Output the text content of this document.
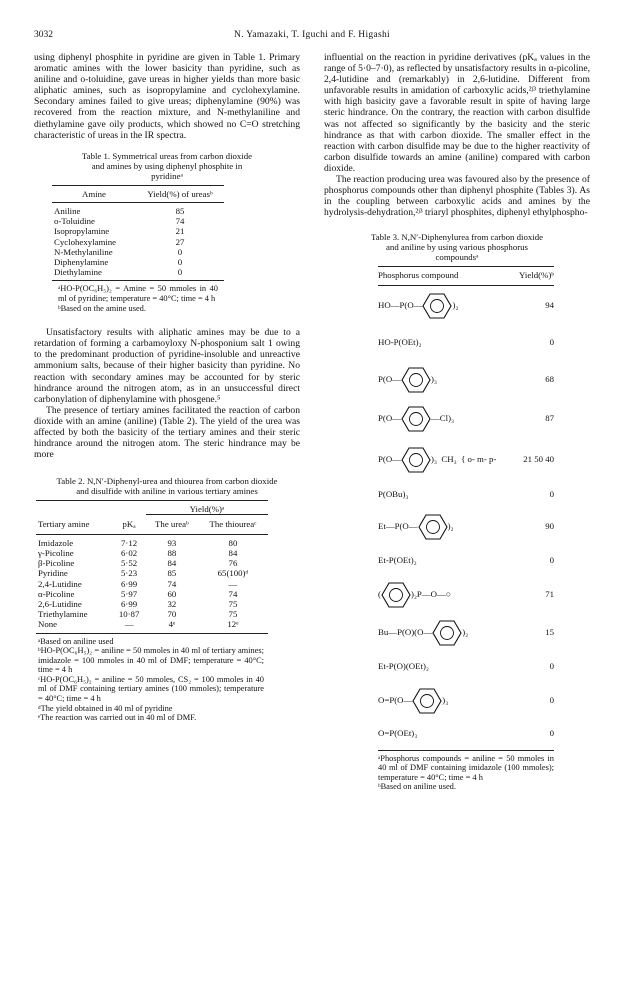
3032	N. Yamazaki, T. Iguchi and F. Higashi

using diphenyl phosphite in pyridine are given in Table 1. Primary aromatic amines with the lower basicity than pyridine, such as aniline and o-toluidine, gave ureas in higher yields than more basic aliphatic amines, such as isopropylamine and cyclohexylamine. Secondary amines failed to give ureas; diphenylamine (90%) was recovered from the reaction mixture, and N-methylaniline and diethylamine gave oily products, which showed no C=O stretching characteristic of ureas in the IR spectra.

Table 1. Symmetrical ureas from carbon dioxide and amines by using diphenyl phosphite in pyridineᵃ
Amine	Yield(%) of ureasᵇ
Aniline	85
o-Toluidine	74
Isopropylamine	21
Cyclohexylamine	27
N-Methylaniline	0
Diphenylamine	0
Diethylamine	0
ᵃHO-P(OC₆H₅)₂ = Amine = 50 mmoles in 40 ml of pyridine; temperature = 40°C; time = 4 h
ᵇBased on the amine used.

Unsatisfactory results with aliphatic amines may be due to a retardation of forming a carbamoyloxy N-phosponium salt 1 owing to the predominant production of pyridine-insoluble and unreactive ammonium salts, because of their higher basicity than pyridine. No reaction with secondary amines may be accounted for by steric hindrance around the nitrogen atom, as in an unsuccessful direct carbonylation of diphenylamine with phosgene.⁵

The presence of tertiary amines facilitated the reaction of carbon dioxide with an amine (aniline) (Table 2). The yield of the urea was affected by both the basicity of the tertiary amines and their steric hindrance around the nitrogen atom. The steric hindrance may be more

Table 2. N,N′-Diphenyl-urea and thiourea from carbon dioxide and disulfide with aniline in various tertiary amines
		Yield(%)ᵃ	
Tertiary amine	pKₐ	The ureaᵇ	The thioureaᶜ
Imidazole	7·12	93	80
γ-Picoline	6·02	88	84
β-Picoline	5·52	84	76
Pyridine	5·23	85	65(100)ᵈ
2,4-Lutidine	6·99	74	—
α-Picoline	5·97	60	74
2,6-Lutidine	6·99	32	75
Triethylamine	10·87	70	75
None	—	4ᵉ	12ᵉ
ᵃBased on aniline used
ᵇHO-P(OC₆H₅)₂ = aniline = 50 mmoles in 40 ml of tertiary amines; imidazole = 100 mmoles in 40 ml of DMF; temperature = 40°C; time = 4 h
ᶜHO-P(OC₆H₅)₂ = aniline = 50 mmoles, CS₂ = 100 mmoles in 40 ml of DMF containing tertiary amines (100 mmoles); temperature = 40°C; time = 4 h
ᵈThe yield obtained in 40 ml of pyridine
ᵉThe reaction was carried out in 40 ml of DMF.

influential on the reaction in pyridine derivatives (pKₐ values in the range of 5·0–7·0), as reflected by unsatisfactory results in α-picoline, 2,4-lutidine and (remarkably) in 2,6-lutidine. Different from unfavorable results in amidation of carboxylic acids,²ʲ³ triethylamine with high basicity gave a favorable result in spite of having large steric hindrance. On the contrary, the reaction with carbon disulfide was not affected so significantly by the basicity and the steric hindrance as that with carbon dioxide. The smaller effect in the reaction with carbon disulfide may be due to the higher reactivity of carbon disulfide towards an amine (aniline) compared with carbon dioxide.

The reaction producing urea was favoured also by the presence of phosphorus compounds other than diphenyl phosphite (Tables 3). As in the coupling between carboxylic acids and amines by the hydrolysis-dehydration,²ʲ³ triaryl phosphites, diphenyl ethylphospho-

Table 3. N,N′-Diphenylurea from carbon dioxide and aniline by using various phosphorus compoundsᵃ
Phosphorus compound	Yield(%)ᵇ
HO—P(O—	)₂	94
HO-P(OEt)₂	0
P(O—	)₃	68
P(O—	—Cl)₃	87
P(O—	)₃  CH₃  { o- m- p-	21 50 40
P(OBu)₃	0
Et—P(O—	)₂	90
Et-P(OEt)₂	0
(	)₂P—O—○	71
Bu—P(O)(O—	)₂	15
Et-P(O)(OEt)₂	0
O=P(O—	)₃	0
O=P(OEt)₃	0
ᵃPhosphorus compounds = aniline = 50 mmoles in 40 ml of DMF containing imidazole (100 mmoles); temperature = 40°C; time = 4 h
ᵇBased on aniline used.
